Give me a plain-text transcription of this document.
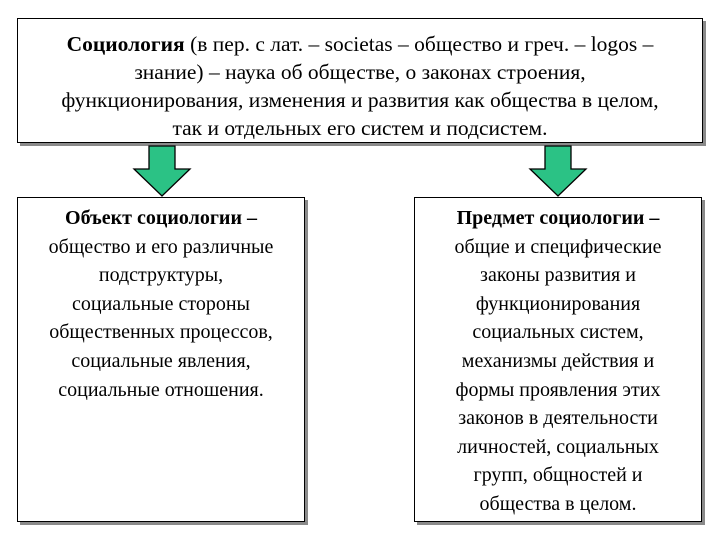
Социология (в пер. с лат. – societas – общество и греч. – logos –
знание) – наука об обществе, о законах строения,
функционирования, изменения и развития как общества в целом,
так и отдельных его систем и подсистем.
Объект социологии –
общество и его различные
подструктуры,
социальные стороны
общественных процессов,
социальные явления,
социальные отношения.
Предмет социологии –
общие и специфические
законы развития и
функционирования
социальных систем,
механизмы действия и
формы проявления этих
законов в деятельности
личностей, социальных
групп, общностей и
общества в целом.
